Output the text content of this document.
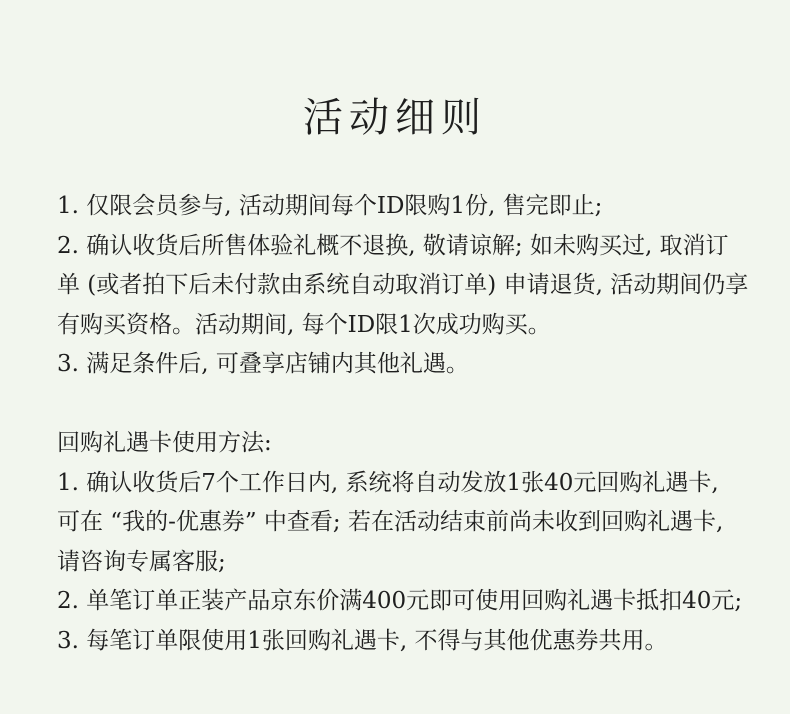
活动细则
1. 仅限会员参与, 活动期间每个ID限购1份, 售完即止;
2. 确认收货后所售体验礼概不退换, 敬请谅解; 如未购买过, 取消订
单 (或者拍下后未付款由系统自动取消订单) 申请退货, 活动期间仍享
有购买资格。活动期间, 每个ID限1次成功购买。
3. 满足条件后, 可叠享店铺内其他礼遇。
回购礼遇卡使用方法:
1. 确认收货后7个工作日内, 系统将自动发放1张40元回购礼遇卡,
可在 “我的-优惠券” 中查看; 若在活动结束前尚未收到回购礼遇卡,
请咨询专属客服;
2. 单笔订单正装产品京东价满400元即可使用回购礼遇卡抵扣40元;
3. 每笔订单限使用1张回购礼遇卡, 不得与其他优惠券共用。
